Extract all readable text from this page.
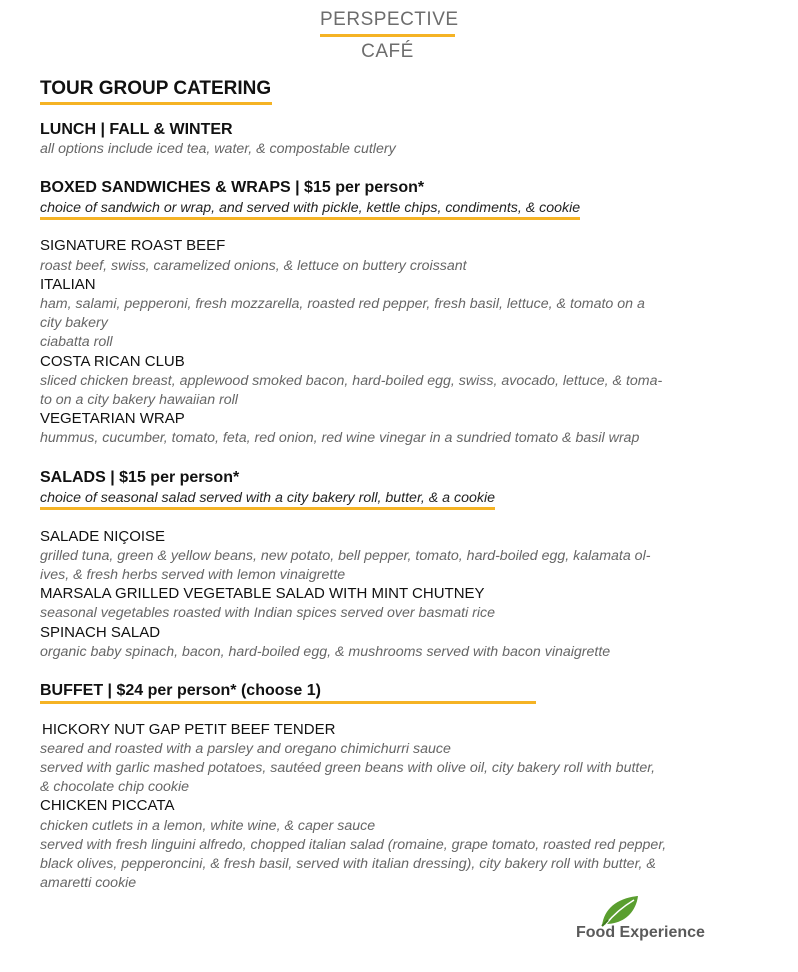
PERSPECTIVE
CAFÉ
TOUR GROUP CATERING
LUNCH | FALL & WINTER
all options include iced tea, water, & compostable cutlery
BOXED SANDWICHES & WRAPS | $15 per person*
choice of sandwich or wrap, and served with pickle, kettle chips, condiments, & cookie
SIGNATURE ROAST BEEF
roast beef, swiss, caramelized onions, & lettuce on buttery croissant
ITALIAN
ham, salami, pepperoni, fresh mozzarella, roasted red pepper, fresh basil, lettuce, & tomato on a
city bakery
ciabatta roll
COSTA RICAN CLUB
sliced chicken breast, applewood smoked bacon, hard-boiled egg, swiss, avocado, lettuce, & toma-
to on a city bakery hawaiian roll
VEGETARIAN WRAP
hummus, cucumber, tomato, feta, red onion, red wine vinegar in a sundried tomato & basil wrap
SALADS | $15 per person*
choice of seasonal salad served with a city bakery roll, butter, & a cookie
SALADE NIÇOISE
grilled tuna, green & yellow beans, new potato, bell pepper, tomato, hard-boiled egg, kalamata ol-
ives, & fresh herbs served with lemon vinaigrette
MARSALA GRILLED VEGETABLE SALAD WITH MINT CHUTNEY
seasonal vegetables roasted with Indian spices served over basmati rice
SPINACH SALAD
organic baby spinach, bacon, hard-boiled egg, & mushrooms served with bacon vinaigrette
BUFFET | $24 per person* (choose 1)
HICKORY NUT GAP PETIT BEEF TENDER
seared and roasted with a parsley and oregano chimichurri sauce
served with garlic mashed potatoes, sautéed green beans with olive oil, city bakery roll with butter,
& chocolate chip cookie
CHICKEN PICCATA
chicken cutlets in a lemon, white wine, & caper sauce
served with fresh linguini alfredo, chopped italian salad (romaine, grape tomato, roasted red pepper,
black olives, pepperoncini, & fresh basil, served with italian dressing), city bakery roll with butter, &
amaretti cookie
Food Experience
